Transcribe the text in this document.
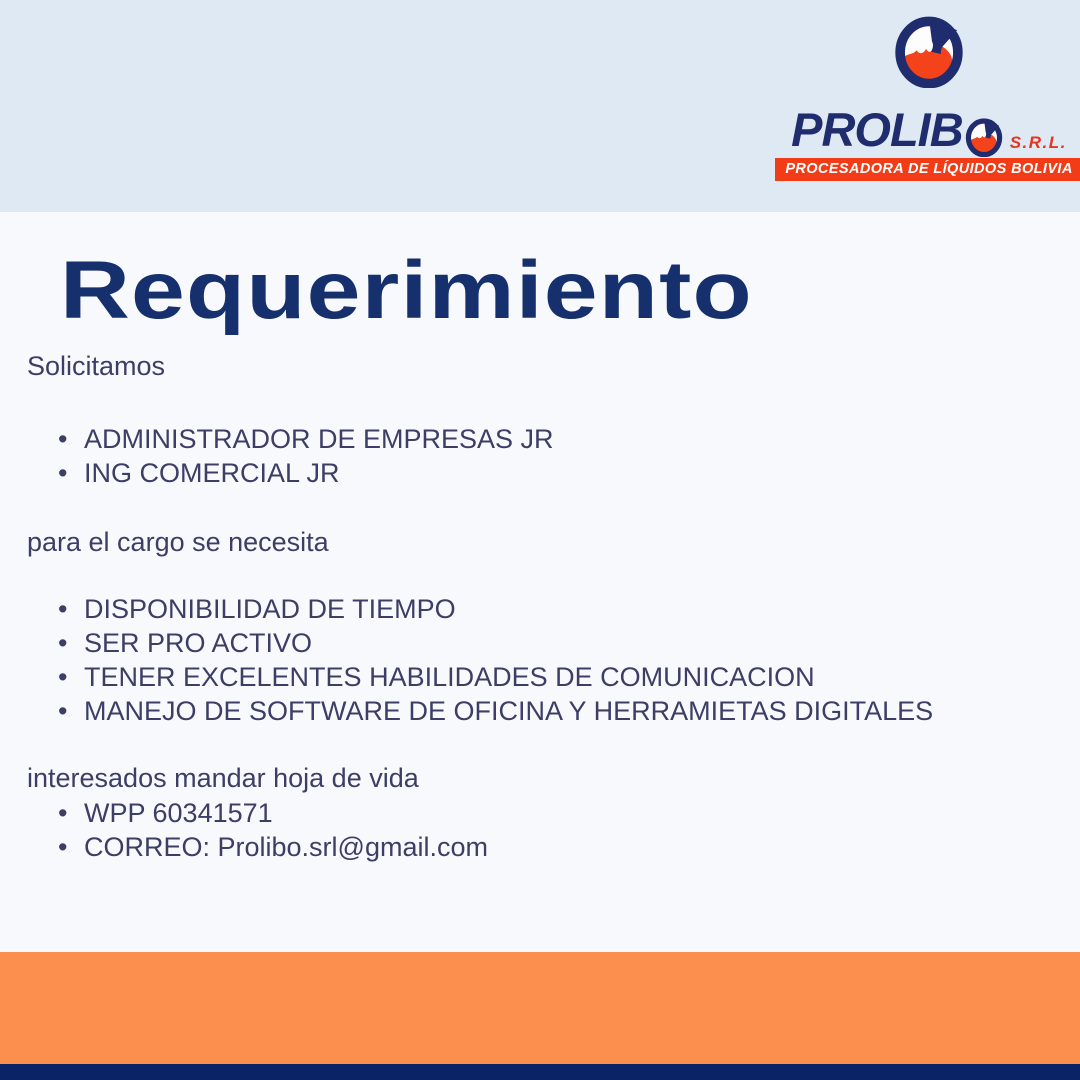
PROLIB	S.R.L.
PROCESADORA DE LÍQUIDOS BOLIVIA
Requerimiento

Solicitamos

• ADMINISTRADOR DE EMPRESAS JR
• ING COMERCIAL JR

para el cargo se necesita

• DISPONIBILIDAD DE TIEMPO
• SER PRO ACTIVO
• TENER EXCELENTES HABILIDADES DE COMUNICACION
• MANEJO DE SOFTWARE DE OFICINA Y HERRAMIETAS DIGITALES

interesados mandar hoja de vida

• WPP 60341571
• CORREO: Prolibo.srl@gmail.com
